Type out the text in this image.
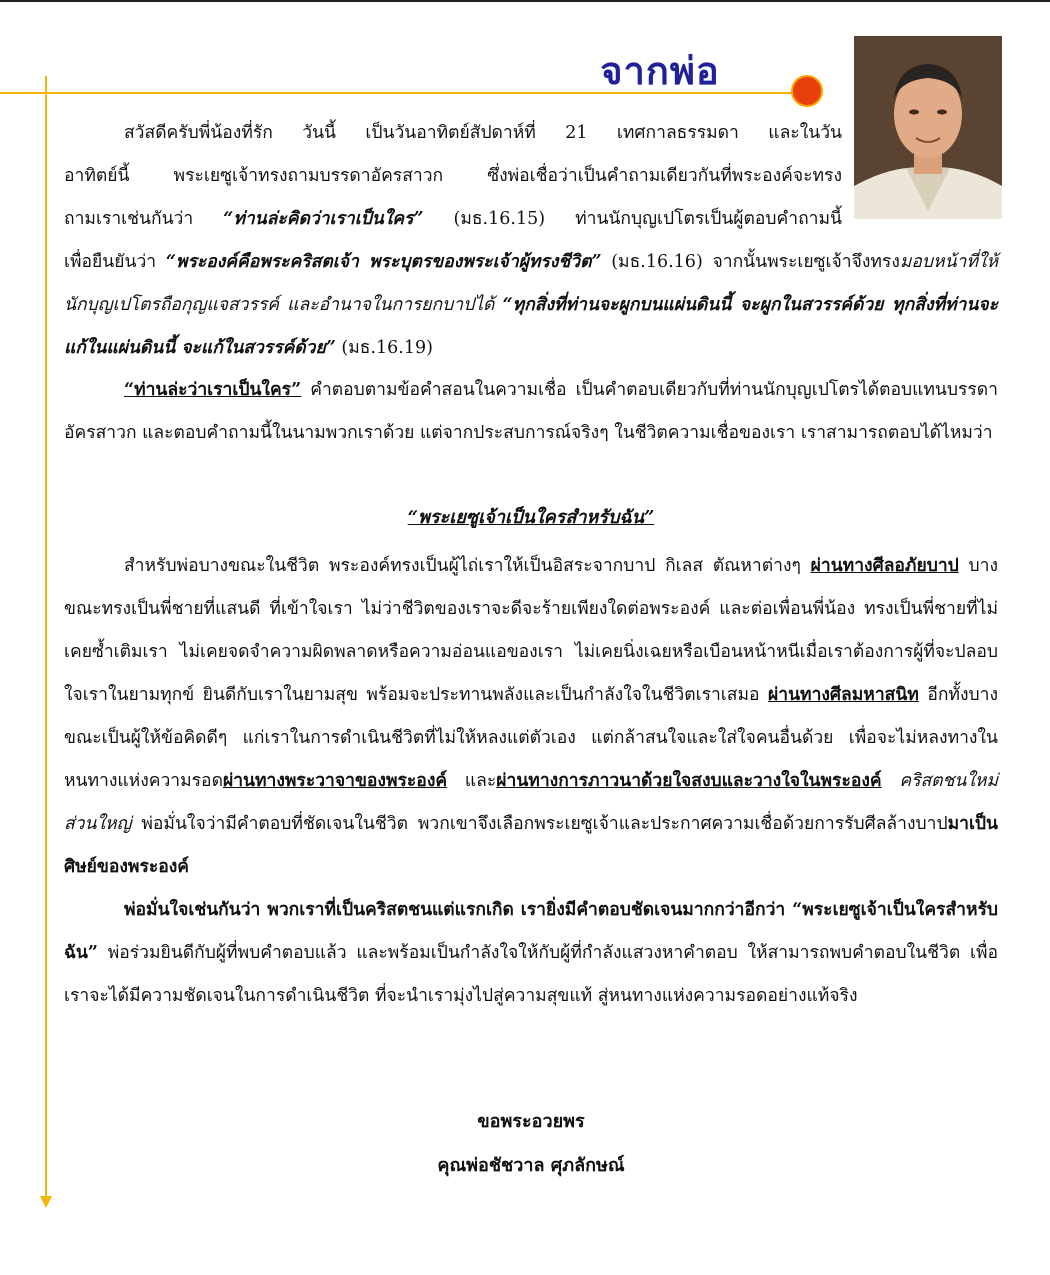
จากพ่อ
สวัสดีครับพี่น้องที่รัก วันนี้ เป็นวันอาทิตย์สัปดาห์ที่ 21 เทศกาลธรรมดา และในวัน
อาทิตย์นี้ พระเยซูเจ้าทรงถามบรรดาอัครสาวก ซึ่งพ่อเชื่อว่าเป็นคำถามเดียวกันที่พระองค์จะทรง
ถามเราเช่นกันว่า “ท่านล่ะคิดว่าเราเป็นใคร” (มธ.16.15) ท่านนักบุญเปโตรเป็นผู้ตอบคำถามนี้
เพื่อยืนยันว่า “พระองค์คือพระคริสตเจ้า พระบุตรของพระเจ้าผู้ทรงชีวิต” (มธ.16.16) จากนั้นพระเยซูเจ้าจึงทรงมอบหน้าที่ให้นักบุญเปโตรถือกุญแจสวรรค์ และอำนาจในการยกบาปได้ “ทุกสิ่งที่ท่านจะผูกบนแผ่นดินนี้ จะผูกในสวรรค์ด้วย ทุกสิ่งที่ท่านจะแก้ในแผ่นดินนี้ จะแก้ในสวรรค์ด้วย” (มธ.16.19)

“ท่านล่ะว่าเราเป็นใคร” คำตอบตามข้อคำสอนในความเชื่อ เป็นคำตอบเดียวกับที่ท่านนักบุญเปโตรได้ตอบแทนบรรดาอัครสาวก และตอบคำถามนี้ในนามพวกเราด้วย แต่จากประสบการณ์จริงๆ ในชีวิตความเชื่อของเรา เราสามารถตอบได้ไหมว่า

“พระเยซูเจ้าเป็นใครสำหรับฉัน”

สำหรับพ่อบางขณะในชีวิต พระองค์ทรงเป็นผู้ไถ่เราให้เป็นอิสระจากบาป กิเลส ตัณหาต่างๆ ผ่านทางศีลอภัยบาป บางขณะทรงเป็นพี่ชายที่แสนดี ที่เข้าใจเรา ไม่ว่าชีวิตของเราจะดีจะร้ายเพียงใดต่อพระองค์ และต่อเพื่อนพี่น้อง ทรงเป็นพี่ชายที่ไม่เคยซ้ำเติมเรา ไม่เคยจดจำความผิดพลาดหรือความอ่อนแอของเรา ไม่เคยนิ่งเฉยหรือเบือนหน้าหนีเมื่อเราต้องการผู้ที่จะปลอบใจเราในยามทุกข์ ยินดีกับเราในยามสุข พร้อมจะประทานพลังและเป็นกำลังใจในชีวิตเราเสมอ ผ่านทางศีลมหาสนิท อีกทั้งบางขณะเป็นผู้ให้ข้อคิดดีๆ แก่เราในการดำเนินชีวิตที่ไม่ให้หลงแต่ตัวเอง แต่กล้าสนใจและใส่ใจคนอื่นด้วย เพื่อจะไม่หลงทางในหนทางแห่งความรอดผ่านทางพระวาจาของพระองค์ และผ่านทางการภาวนาด้วยใจสงบและวางใจในพระองค์ คริสตชนใหม่ส่วนใหญ่ พ่อมั่นใจว่ามีคำตอบที่ชัดเจนในชีวิต พวกเขาจึงเลือกพระเยซูเจ้าและประกาศความเชื่อด้วยการรับศีลล้างบาปมาเป็นศิษย์ของพระองค์

พ่อมั่นใจเช่นกันว่า พวกเราที่เป็นคริสตชนแต่แรกเกิด เรายิ่งมีคำตอบชัดเจนมากกว่าอีกว่า “พระเยซูเจ้าเป็นใครสำหรับฉัน” พ่อร่วมยินดีกับผู้ที่พบคำตอบแล้ว และพร้อมเป็นกำลังใจให้กับผู้ที่กำลังแสวงหาคำตอบ ให้สามารถพบคำตอบในชีวิต เพื่อเราจะได้มีความชัดเจนในการดำเนินชีวิต ที่จะนำเรามุ่งไปสู่ความสุขแท้ สู่หนทางแห่งความรอดอย่างแท้จริง

ขอพระอวยพร
คุณพ่อชัชวาล ศุภลักษณ์
